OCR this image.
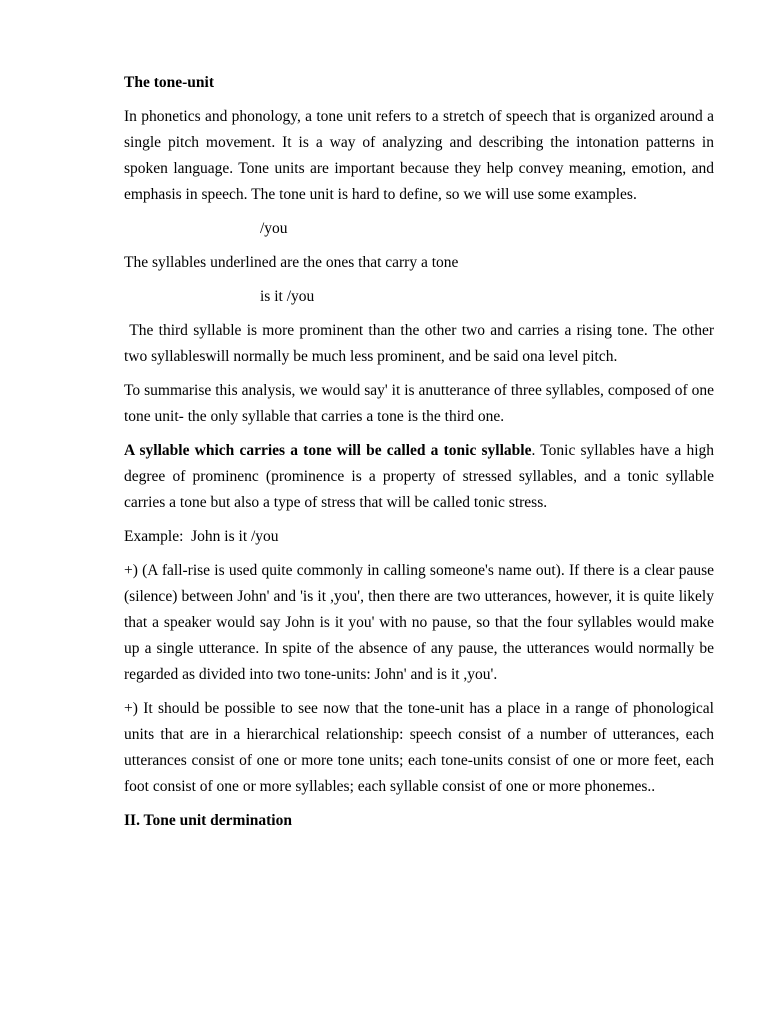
The tone-unit

In phonetics and phonology, a tone unit refers to a stretch of speech that is organized around a single pitch movement. It is a way of analyzing and describing the intonation patterns in spoken language. Tone units are important because they help convey meaning, emotion, and emphasis in speech. The tone unit is hard to define, so we will use some examples.

/you
The syllables underlined are the ones that carry a tone
is it /you

The third syllable is more prominent than the other two and carries a rising tone. The other two syllableswill normally be much less prominent, and be said ona level pitch.

To summarise this analysis, we would say' it is anutterance of three syllables, composed of one tone unit- the only syllable that carries a tone is the third one.

A syllable which carries a tone will be called a tonic syllable. Tonic syllables have a high degree of prominenc (prominence is a property of stressed syllables, and a tonic syllable carries a tone but also a type of stress that will be called tonic stress.

Example:  John is it /you

+) (A fall-rise is used quite commonly in calling someone's name out). If there is a clear pause (silence) between John' and 'is it ,you', then there are two utterances, however, it is quite likely that a speaker would say John is it you' with no pause, so that the four syllables would make up a single utterance. In spite of the absence of any pause, the utterances would normally be regarded as divided into two tone-units: John' and is it ,you'.

+) It should be possible to see now that the tone-unit has a place in a range of phonological units that are in a hierarchical relationship: speech consist of a number of utterances, each utterances consist of one or more tone units; each tone-units consist of one or more feet, each foot consist of one or more syllables; each syllable consist of one or more phonemes..

II. Tone unit dermination
